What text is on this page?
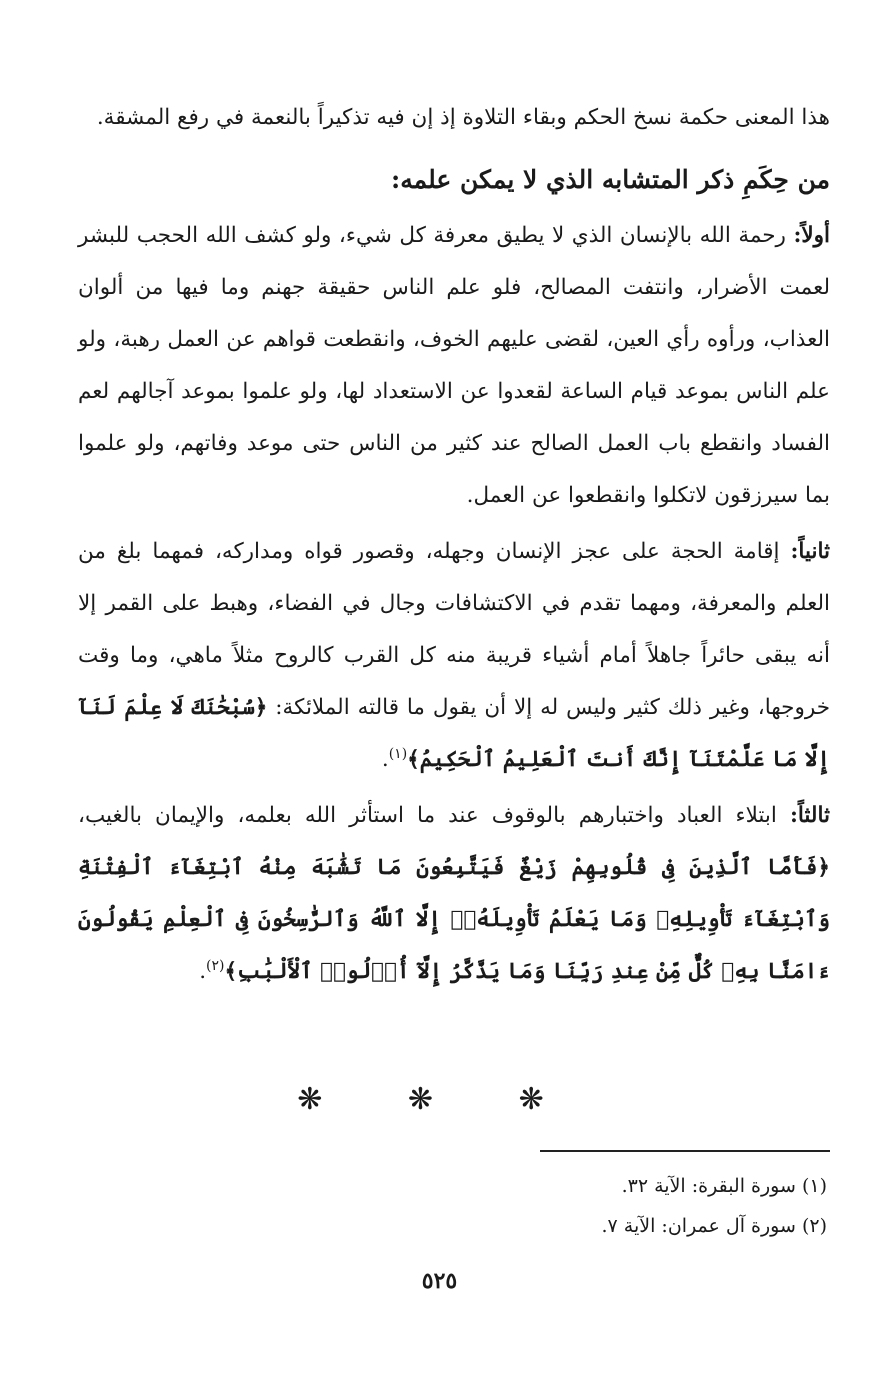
هذا المعنى حكمة نسخ الحكم وبقاء التلاوة إذ إن فيه تذكيراً بالنعمة في رفع المشقة.

من حِكَمِ ذكر المتشابه الذي لا يمكن علمه:

أولاً: رحمة الله بالإنسان الذي لا يطيق معرفة كل شيء، ولو كشف الله الحجب للبشر لعمت الأضرار، وانتفت المصالح، فلو علم الناس حقيقة جهنم وما فيها من ألوان العذاب، ورأوه رأي العين، لقضى عليهم الخوف، وانقطعت قواهم عن العمل رهبة، ولو علم الناس بموعد قيام الساعة لقعدوا عن الاستعداد لها، ولو علموا بموعد آجالهم لعم الفساد وانقطع باب العمل الصالح عند كثير من الناس حتى موعد وفاتهم، ولو علموا بما سيرزقون لاتكلوا وانقطعوا عن العمل.

ثانياً: إقامة الحجة على عجز الإنسان وجهله، وقصور قواه ومداركه، فمهما بلغ من العلم والمعرفة، ومهما تقدم في الاكتشافات وجال في الفضاء، وهبط على القمر إلا أنه يبقى حائراً جاهلاً أمام أشياء قريبة منه كل القرب كالروح مثلاً ماهي، وما وقت خروجها، وغير ذلك كثير وليس له إلا أن يقول ما قالته الملائكة: ﴿سُبْحَٰنَكَ لَا عِلْمَ لَنَآ إِلَّا مَا عَلَّمْتَنَآ إِنَّكَ أَنتَ ٱلْعَلِيمُ ٱلْحَكِيمُ﴾$^{(١)}$.

ثالثاً: ابتلاء العباد واختبارهم بالوقوف عند ما استأثر الله بعلمه، والإيمان بالغيب، ﴿فَأَمَّا ٱلَّذِينَ فِى قُلُوبِهِمْ زَيْغٌ فَيَتَّبِعُونَ مَا تَشَٰبَهَ مِنْهُ ٱبْتِغَآءَ ٱلْفِتْنَةِ وَٱبْتِغَآءَ تَأْوِيلِهِۦ وَمَا يَعْلَمُ تَأْوِيلَهُۥٓ إِلَّا ٱللَّهُ وَٱلرَّٰسِخُونَ فِى ٱلْعِلْمِ يَقُولُونَ ءَامَنَّا بِهِۦ كُلٌّ مِّنْ عِندِ رَبِّنَا وَمَا يَذَّكَّرُ إِلَّآ أُو۟لُوا۟ ٱلْأَلْبَٰبِ﴾$^{(٢)}$.

❋ ❋ ❋

(١) سورة البقرة: الآية ٣٢.

(٢) سورة آل عمران: الآية ٧.

٥٢٥
